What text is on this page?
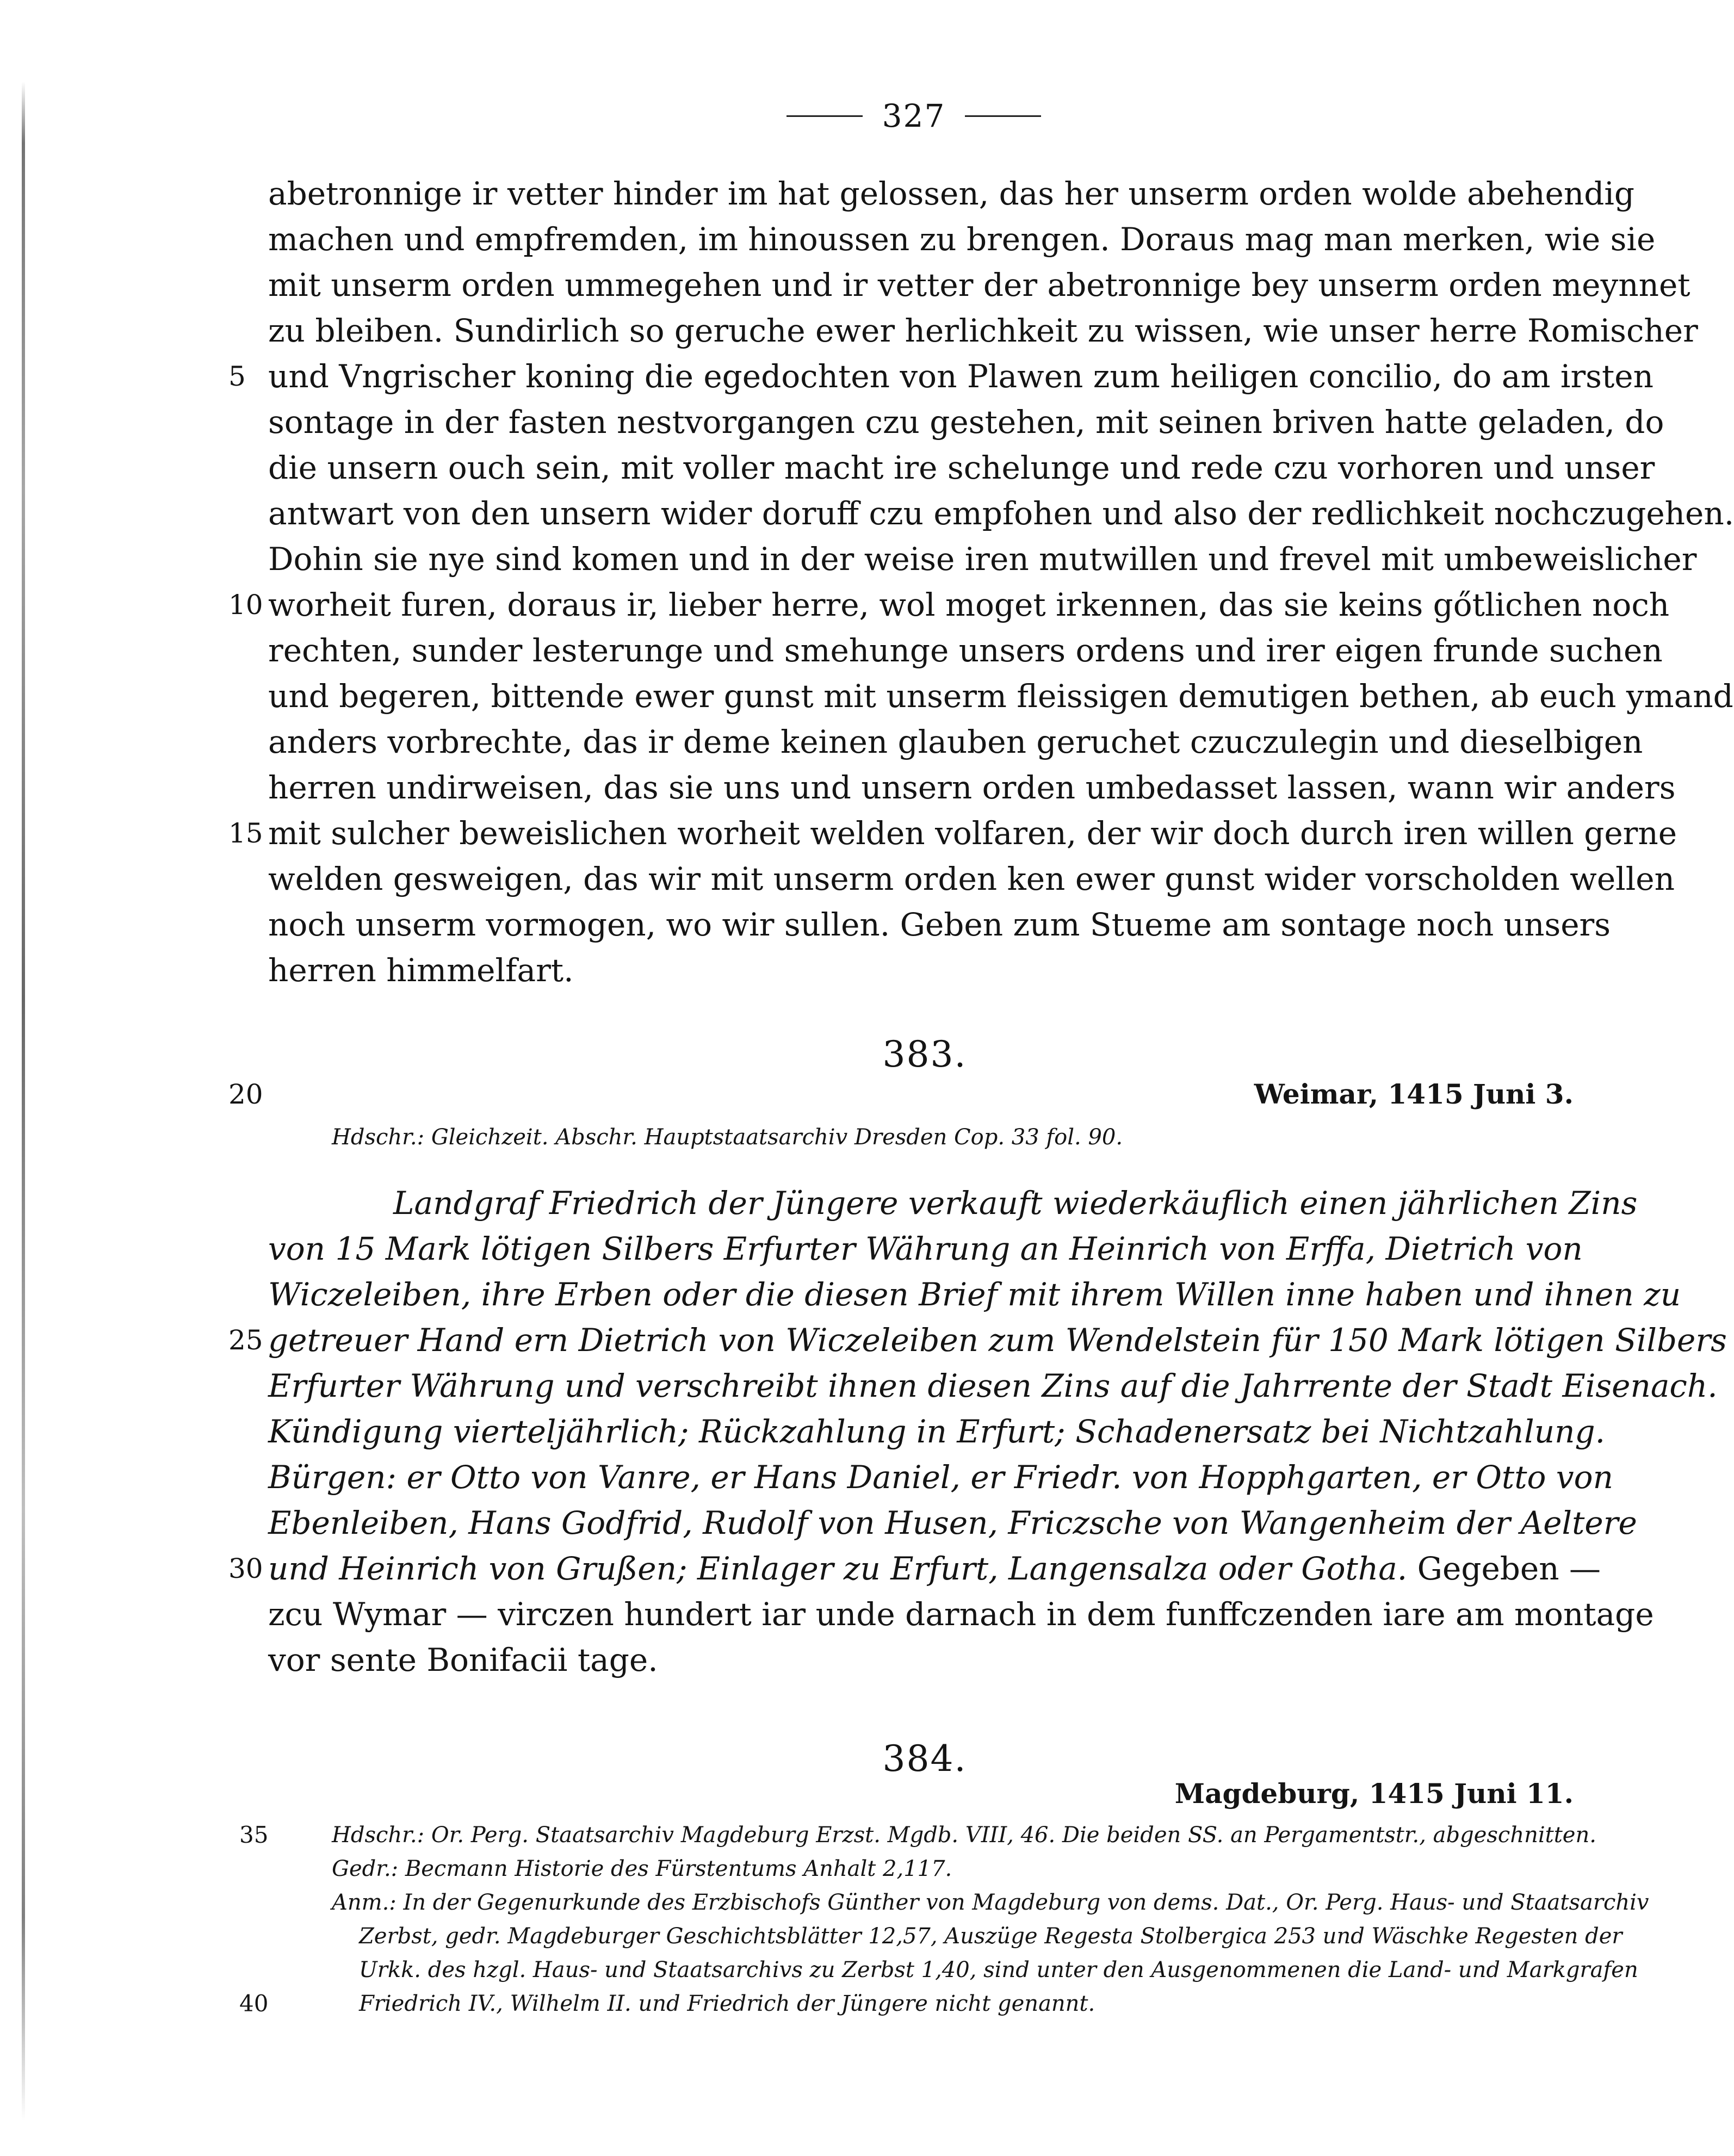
327
abetronnige ir vetter hinder im hat gelossen, das her unserm orden wolde abehendig
machen und empfremden, im hinoussen zu brengen. Doraus mag man merken, wie sie
mit unserm orden ummegehen und ir vetter der abetronnige bey unserm orden meynnet
zu bleiben. Sundirlich so geruche ewer herlichkeit zu wissen, wie unser herre Romischer
und Vngrischer koning die egedochten von Plawen zum heiligen concilio, do am irsten
sontage in der fasten nestvorgangen czu gestehen, mit seinen briven hatte geladen, do
die unsern ouch sein, mit voller macht ire schelunge und rede czu vorhoren und unser
antwart von den unsern wider doruff czu empfohen und also der redlichkeit nochczugehen.
Dohin sie nye sind komen und in der weise iren mutwillen und frevel mit umbeweislicher
worheit furen, doraus ir, lieber herre, wol moget irkennen, das sie keins gőtlichen noch
rechten, sunder lesterunge und smehunge unsers ordens und irer eigen frunde suchen
und begeren, bittende ewer gunst mit unserm fleissigen demutigen bethen, ab euch ymand
anders vorbrechte, das ir deme keinen glauben geruchet czuczulegin und dieselbigen
herren undirweisen, das sie uns und unsern orden umbedasset lassen, wann wir anders
mit sulcher beweislichen worheit welden volfaren, der wir doch durch iren willen gerne
welden gesweigen, das wir mit unserm orden ken ewer gunst wider vorscholden wellen
noch unserm vormogen, wo wir sullen. Geben zum Stueme am sontage noch unsers
herren himmelfart.
5
10
15
383.
20	Weimar, 1415 Juni 3.
Hdschr.: Gleichzeit. Abschr. Hauptstaatsarchiv Dresden Cop. 33 fol. 90.
Landgraf Friedrich der Jüngere verkauft wiederkäuflich einen jährlichen Zins
von 15 Mark lötigen Silbers Erfurter Währung an Heinrich von Erffa, Dietrich von
Wiczeleiben, ihre Erben oder die diesen Brief mit ihrem Willen inne haben und ihnen zu
getreuer Hand ern Dietrich von Wiczeleiben zum Wendelstein für 150 Mark lötigen Silbers
Erfurter Währung und verschreibt ihnen diesen Zins auf die Jahrrente der Stadt Eisenach.
Kündigung vierteljährlich; Rückzahlung in Erfurt; Schadenersatz bei Nichtzahlung.
Bürgen: er Otto von Vanre, er Hans Daniel, er Friedr. von Hopphgarten, er Otto von
Ebenleiben, Hans Godfrid, Rudolf von Husen, Friczsche von Wangenheim der Aeltere
und Heinrich von Grußen; Einlager zu Erfurt, Langensalza oder Gotha. Gegeben —
zcu Wymar — virczen hundert iar unde darnach in dem funffczenden iare am montage
vor sente Bonifacii tage.
25
30
384.
Magdeburg, 1415 Juni 11.
35	Hdschr.: Or. Perg. Staatsarchiv Magdeburg Erzst. Mgdb. VIII, 46. Die beiden SS. an Pergamentstr., abgeschnitten.
Gedr.: Becmann Historie des Fürstentums Anhalt 2,117.
Anm.: In der Gegenurkunde des Erzbischofs Günther von Magdeburg von dems. Dat., Or. Perg. Haus- und Staatsarchiv
Zerbst, gedr. Magdeburger Geschichtsblätter 12,57, Auszüge Regesta Stolbergica 253 und Wäschke Regesten der
Urkk. des hzgl. Haus- und Staatsarchivs zu Zerbst 1,40, sind unter den Ausgenommenen die Land- und Markgrafen
40	Friedrich IV., Wilhelm II. und Friedrich der Jüngere nicht genannt.
